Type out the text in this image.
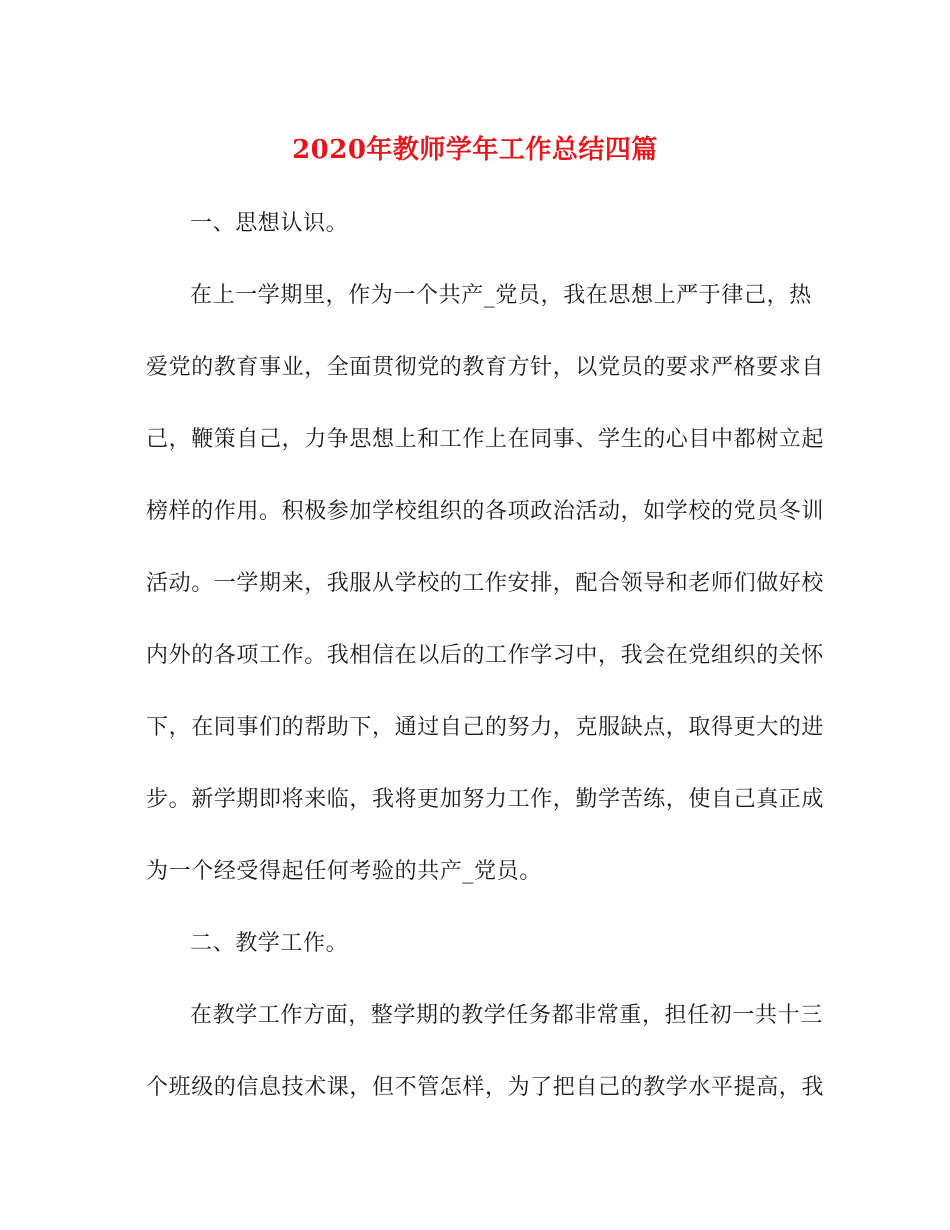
2020年教师学年工作总结四篇

一、思想认识。

在上一学期里，作为一个共产_党员，我在思想上严于律己，热
爱党的教育事业，全面贯彻党的教育方针，以党员的要求严格要求自
己，鞭策自己，力争思想上和工作上在同事、学生的心目中都树立起
榜样的作用。积极参加学校组织的各项政治活动，如学校的党员冬训
活动。一学期来，我服从学校的工作安排，配合领导和老师们做好校
内外的各项工作。我相信在以后的工作学习中，我会在党组织的关怀
下，在同事们的帮助下，通过自己的努力，克服缺点，取得更大的进
步。新学期即将来临，我将更加努力工作，勤学苦练，使自己真正成
为一个经受得起任何考验的共产_党员。

二、教学工作。

在教学工作方面，整学期的教学任务都非常重，担任初一共十三
个班级的信息技术课，但不管怎样，为了把自己的教学水平提高，我
